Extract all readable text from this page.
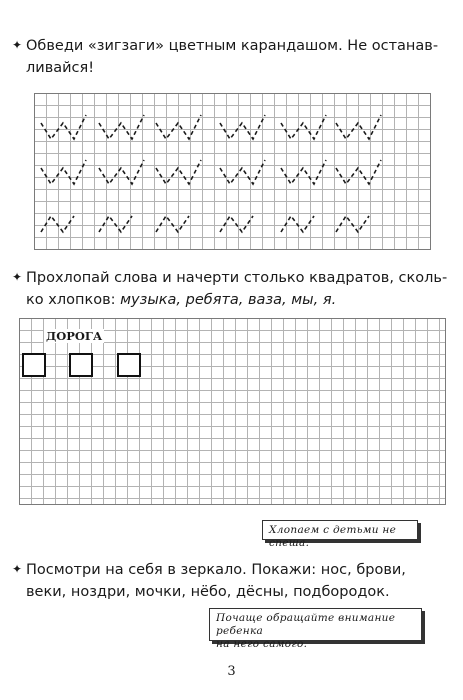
✦ Обведи «зигзаги» цветным карандашом. Не останав-
ливайся!
✦ Прохлопай слова и начерти столько квадратов, сколь-
ко хлопков: музыка, ребята, ваза, мы, я.
ДОРОГА
Хлопаем с детьми не спеша.
✦ Посмотри на себя в зеркало. Покажи: нос, брови,
веки, ноздри, мочки, нёбо, дёсны, подбородок.
Почаще обращайте внимание ребенка
на него самого.
3
